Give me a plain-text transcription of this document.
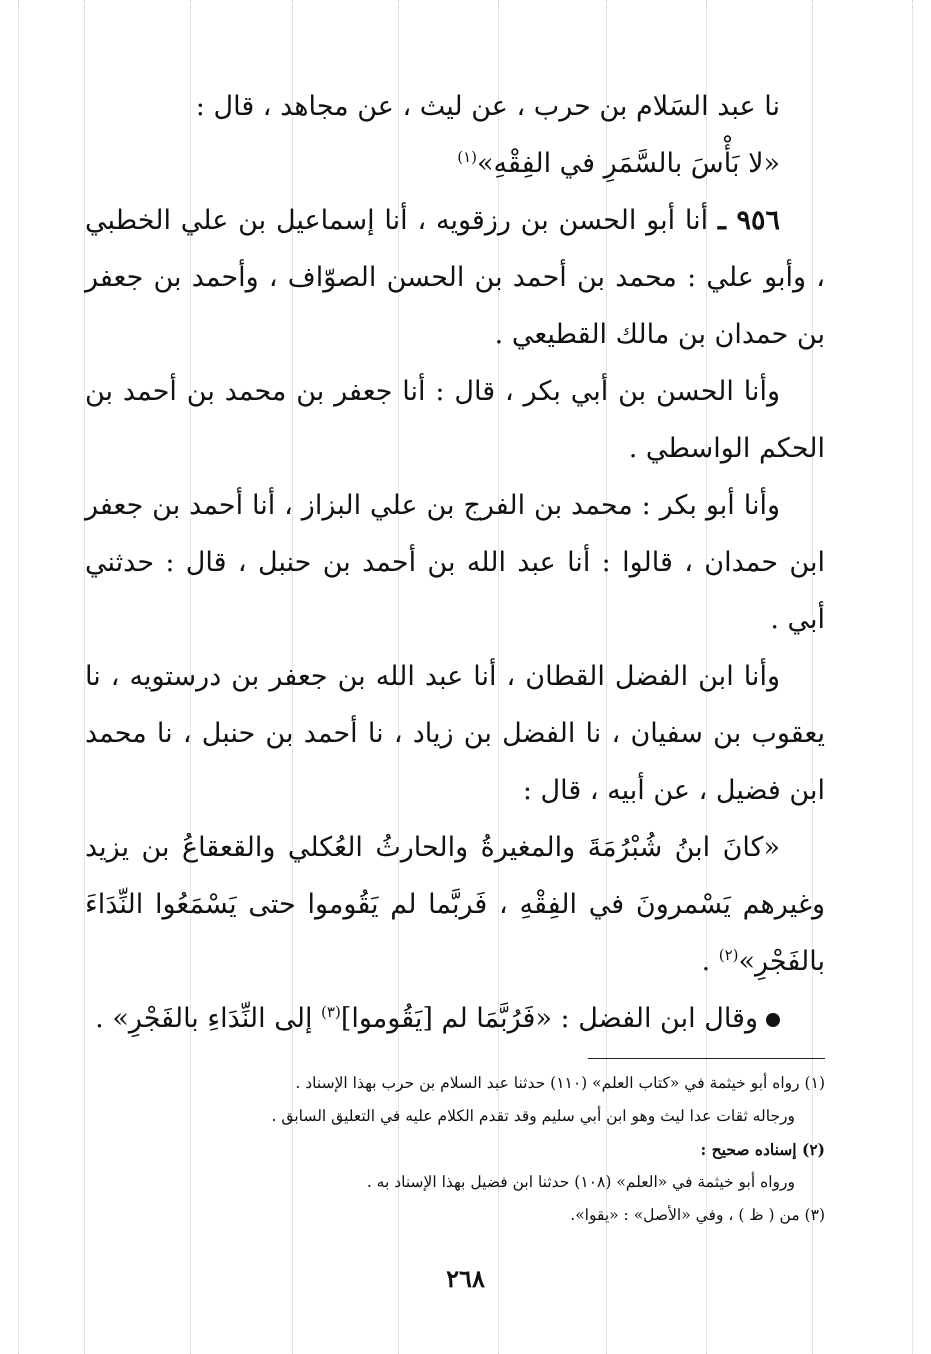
نا عبد السَلام بن حرب ، عن ليث ، عن مجاهد ، قال :

«لا بَأْسَ بالسَّمَرِ في الفِقْهِ»$^{(١)}$

٩٥٦ ـ أنا أبو الحسن بن رزقويه ، أنا إسماعيل بن علي الخطبي ، وأبو علي : محمد بن أحمد بن الحسن الصوّاف ، وأحمد بن جعفر بن حمدان بن مالك القطيعي .

وأنا الحسن بن أبي بكر ، قال : أنا جعفر بن محمد بن أحمد بن الحكم الواسطي .

وأنا أبو بكر : محمد بن الفرج بن علي البزاز ، أنا أحمد بن جعفر ابن حمدان ، قالوا : أنا عبد الله بن أحمد بن حنبل ، قال : حدثني أبي .

وأنا ابن الفضل القطان ، أنا عبد الله بن جعفر بن درستويه ، نا يعقوب بن سفيان ، نا الفضل بن زياد ، نا أحمد بن حنبل ، نا محمد ابن فضيل ، عن أبيه ، قال :

«كانَ ابنُ شُبْرُمَةَ والمغيرةُ والحارثُ العُكلي والقعقاعُ بن يزيد وغيرهم يَسْمرونَ في الفِقْهِ ، فَربَّما لم يَقُوموا حتى يَسْمَعُوا النِّدَاءَ بالفَجْرِ»$^{(٢)}$ .

وقال ابن الفضل : «فَرُبَّمَا لم [يَقُوموا]$^{(٣)}$ إلى النِّدَاءِ بالفَجْرِ» .

(١) رواه أبو خيثمة في «كتاب العلم» (١١٠) حدثنا عبد السلام بن حرب بهذا الإسناد .

ورجاله ثقات عدا ليث وهو ابن أبي سليم وقد تقدم الكلام عليه في التعليق السابق .

(٢) إسناده صحيح :

ورواه أبو خيثمة في «العلم» (١٠٨) حدثنا ابن فضيل بهذا الإسناد به .

(٣) من ( ظ ) ، وفي «الأصل» : «يقوا».

٢٦٨
